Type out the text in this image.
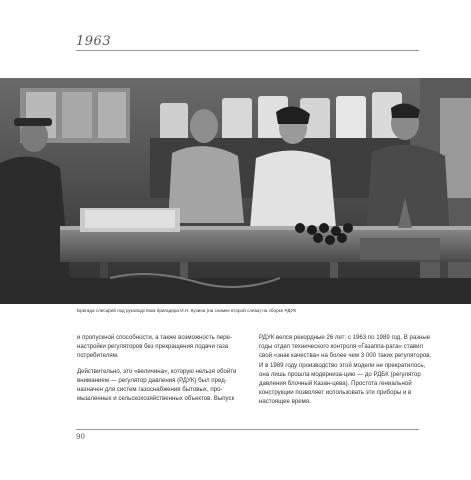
1963
Бригада слесарей под руководством бригадира И.Н. Кузина (на снимке второй слева) на сборке РДУК

и пропускной способности, а также возможность пере-настройки регуляторов без прекращения подачи газа потребителям.

Действительно, это «величина», которую нельзя обойти вниманием — регулятор давления (РДУК) был пред-назначен для систем газоснабжения бытовых, про-мышленных и сельскохозяйственных объектов. Выпуск

РДУК велся рекордные 26 лет: с 1963 по 1989 год. В разные годы отдел технического контроля «Газаппа-рата» ставил свой «знак качества» на более чем 3 000 таких регуляторов. И в 1989 году производство этой модели не прекратилось, она лишь прошла модерниза-цию — до РДБК (регулятор давления блочный Казан-цева). Простота гениальной конструкции позволяет использовать эти приборы и в настоящее время.

90
